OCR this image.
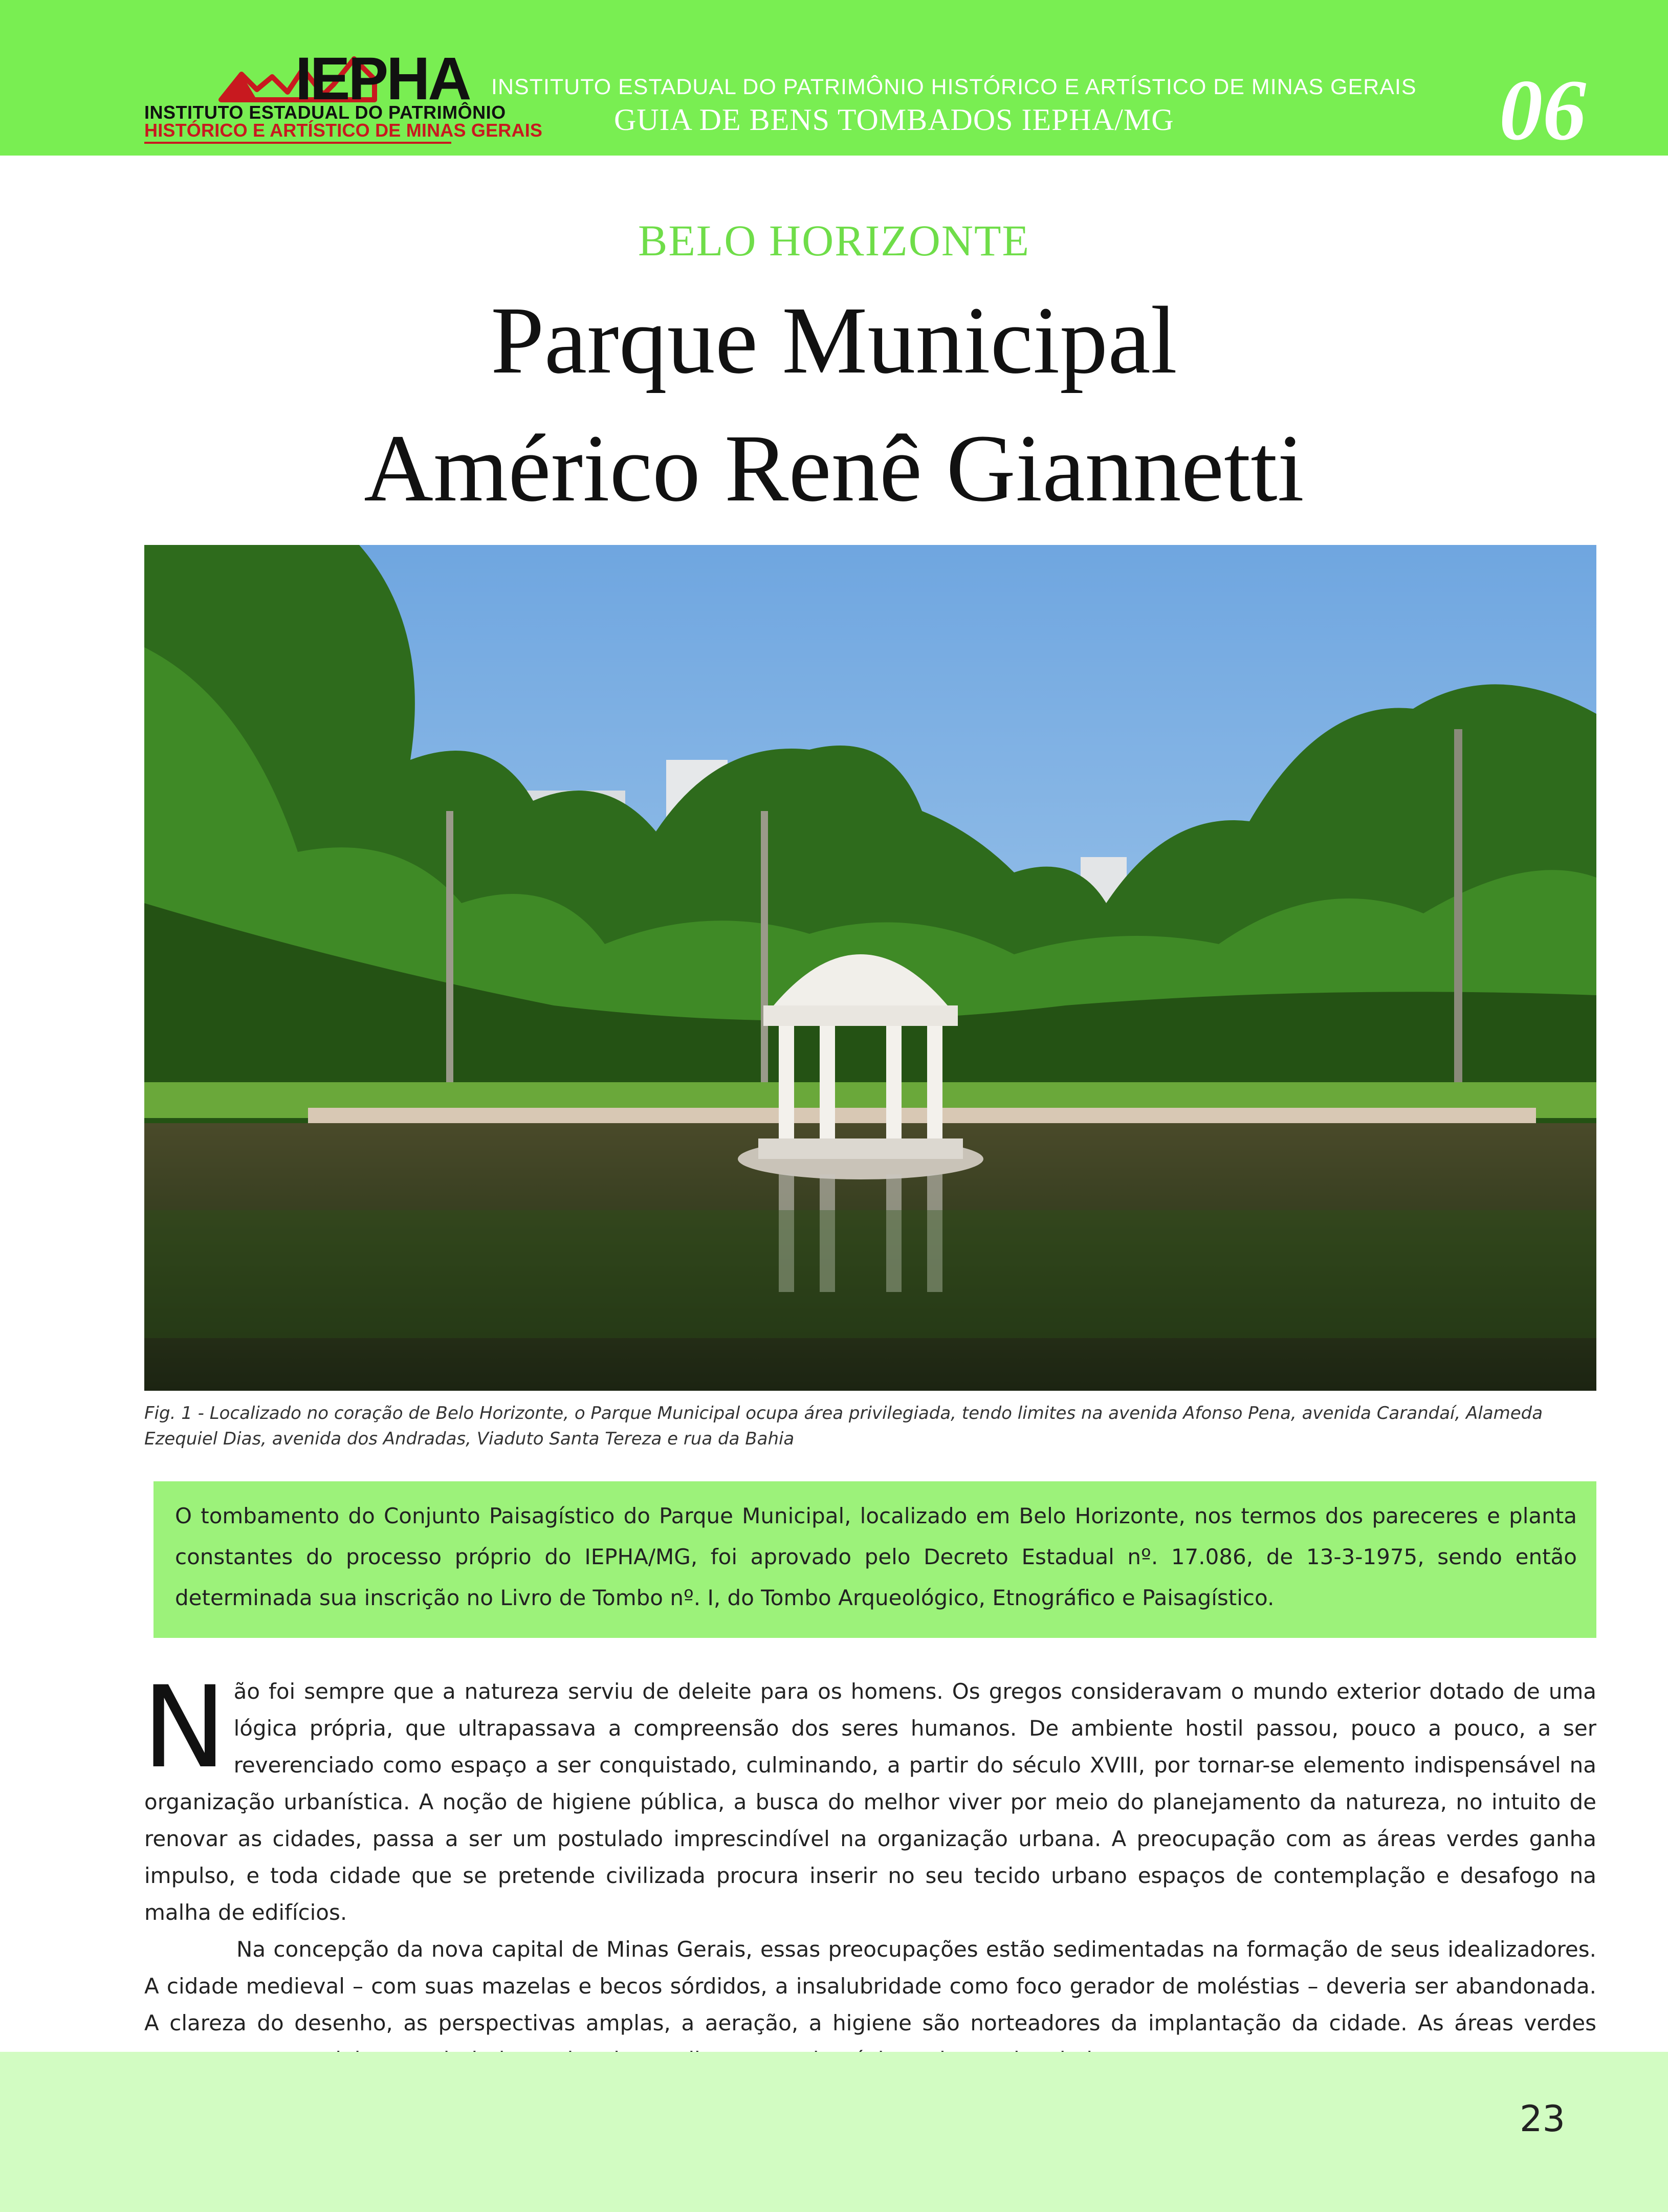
IEPHA
INSTITUTO ESTADUAL DO PATRIMÔNIO
HISTÓRICO E ARTÍSTICO DE MINAS GERAIS
INSTITUTO ESTADUAL DO PATRIMÔNIO HISTÓRICO E ARTÍSTICO DE MINAS GERAIS
GUIA DE BENS TOMBADOS IEPHA/MG	06
BELO HORIZONTE
Parque Municipal
Américo Renê Giannetti
Fig. 1 - Localizado no coração de Belo Horizonte, o Parque Municipal ocupa área privilegiada, tendo limites na avenida Afonso Pena, avenida Carandaí, Alameda Ezequiel Dias, avenida dos Andradas, Viaduto Santa Tereza e rua da Bahia

O tombamento do Conjunto Paisagístico do Parque Municipal, localizado em Belo Horizonte, nos termos dos pareceres e planta constantes do processo próprio do IEPHA/MG, foi aprovado pelo Decreto Estadual nº. 17.086, de 13-3-1975, sendo então determinada sua inscrição no Livro de Tombo nº. I, do Tombo Arqueológico, Etnográfico e Paisagístico.

Não foi sempre que a natureza serviu de deleite para os homens. Os gregos consideravam o mundo exterior dotado de uma lógica própria, que ultrapassava a compreensão dos seres humanos. De ambiente hostil passou, pouco a pouco, a ser reverenciado como espaço a ser conquistado, culminando, a partir do século XVIII, por tornar-se elemento indispensável na organização urbanística. A noção de higiene pública, a busca do melhor viver por meio do planejamento da natureza, no intuito de renovar as cidades, passa a ser um postulado imprescindível na organização urbana. A preocupação com as áreas verdes ganha impulso, e toda cidade que se pretende civilizada procura inserir no seu tecido urbano espaços de contemplação e desafogo na malha de edifícios.

Na concepção da nova capital de Minas Gerais, essas preocupações estão sedimentadas na formação de seus idealizadores. A cidade medieval – com suas mazelas e becos sórdidos, a insalubridade como foco gerador de moléstias – deveria ser abandonada. A clareza do desenho, as perspectivas amplas, a aeração, a higiene são norteadores da implantação da cidade. As áreas verdes

23
